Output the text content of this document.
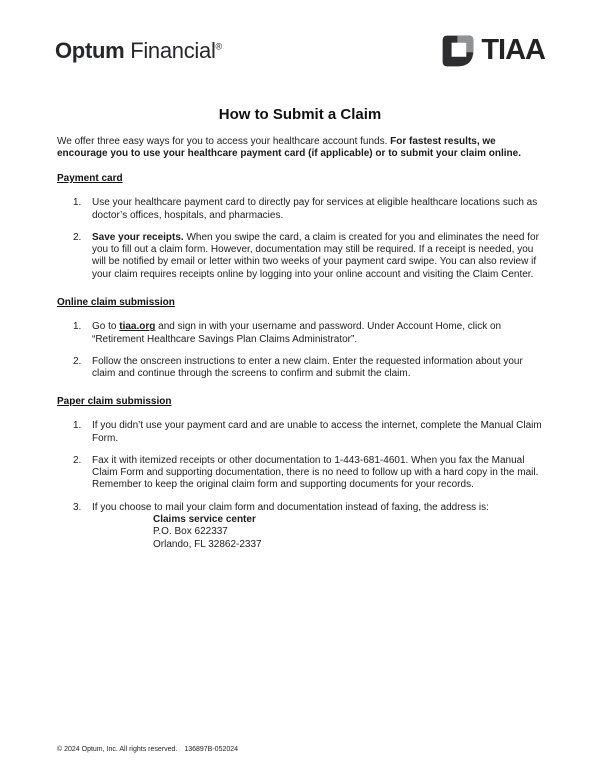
Optum Financial®	TIAA
How to Submit a Claim

We offer three easy ways for you to access your healthcare account funds. For fastest results, we encourage you to use your healthcare payment card (if applicable) or to submit your claim online.

Payment card
1. Use your healthcare payment card to directly pay for services at eligible healthcare locations such as doctor’s offices, hospitals, and pharmacies.
2. Save your receipts. When you swipe the card, a claim is created for you and eliminates the need for you to fill out a claim form. However, documentation may still be required. If a receipt is needed, you will be notified by email or letter within two weeks of your payment card swipe. You can also review if your claim requires receipts online by logging into your online account and visiting the Claim Center.
Online claim submission
1. Go to tiaa.org and sign in with your username and password. Under Account Home, click on “Retirement Healthcare Savings Plan Claims Administrator”.
2. Follow the onscreen instructions to enter a new claim. Enter the requested information about your claim and continue through the screens to confirm and submit the claim.
Paper claim submission
1. If you didn’t use your payment card and are unable to access the internet, complete the Manual Claim Form.
2. Fax it with itemized receipts or other documentation to 1-443-681-4601. When you fax the Manual Claim Form and supporting documentation, there is no need to follow up with a hard copy in the mail. Remember to keep the original claim form and supporting documents for your records.
3. If you choose to mail your claim form and documentation instead of faxing, the address is:
Claims service center
P.O. Box 622337
Orlando, FL 32862-2337
© 2024 Optum, Inc. All rights reserved. 136897B-052024
